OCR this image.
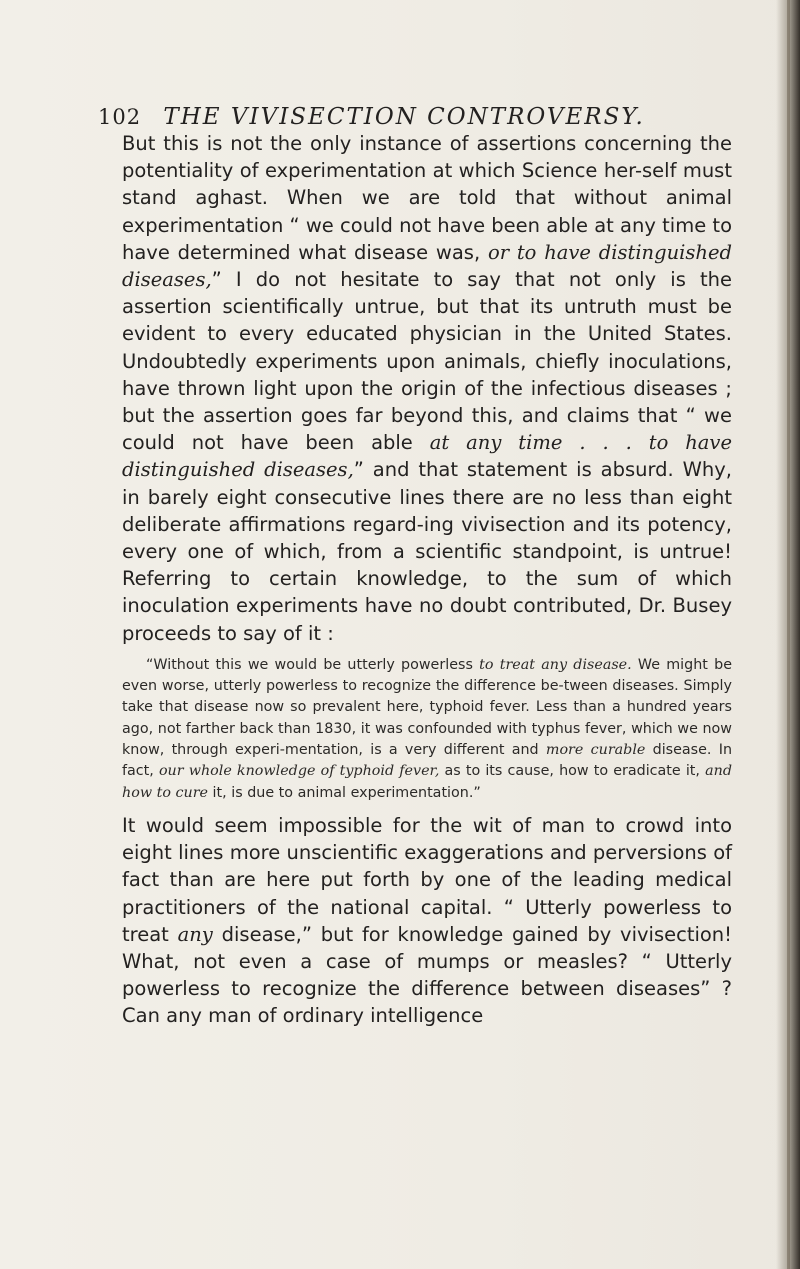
102 THE VIVISECTION CONTROVERSY.

But this is not the only instance of assertions concerning the potentiality of experimentation at which Science her-self must stand aghast. When we are told that without animal experimentation “ we could not have been able at any time to have determined what disease was, or to have distinguished diseases,” I do not hesitate to say that not only is the assertion scientifically untrue, but that its untruth must be evident to every educated physician in the United States. Undoubtedly experiments upon animals, chiefly inoculations, have thrown light upon the origin of the infectious diseases ; but the assertion goes far beyond this, and claims that “ we could not have been able at any time . . . to have distinguished diseases,” and that statement is absurd. Why, in barely eight consecutive lines there are no less than eight deliberate affirmations regard-ing vivisection and its potency, every one of which, from a scientific standpoint, is untrue! Referring to certain knowledge, to the sum of which inoculation experiments have no doubt contributed, Dr. Busey proceeds to say of it :

“Without this we would be utterly powerless to treat any disease. We might be even worse, utterly powerless to recognize the difference be-tween diseases. Simply take that disease now so prevalent here, typhoid fever. Less than a hundred years ago, not farther back than 1830, it was confounded with typhus fever, which we now know, through experi-mentation, is a very different and more curable disease. In fact, our whole knowledge of typhoid fever, as to its cause, how to eradicate it, and how to cure it, is due to animal experimentation.”

It would seem impossible for the wit of man to crowd into eight lines more unscientific exaggerations and perversions of fact than are here put forth by one of the leading medical practitioners of the national capital. “ Utterly powerless to treat any disease,” but for knowledge gained by vivisection! What, not even a case of mumps or measles? “ Utterly powerless to recognize the difference between diseases” ? Can any man of ordinary intelligence
